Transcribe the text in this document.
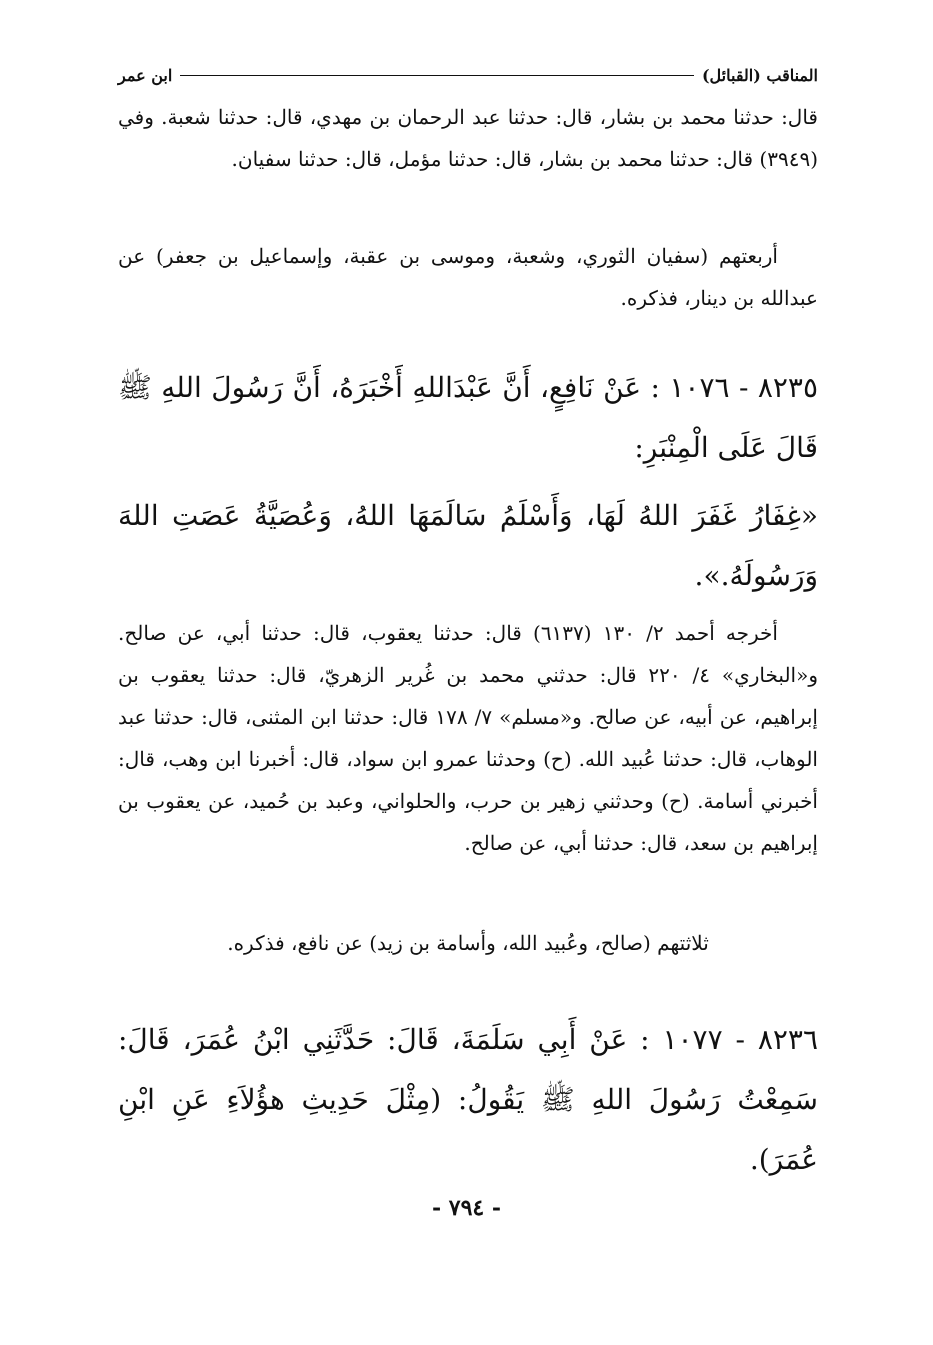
المناقب (القبائل)
ابن عمر
قال: حدثنا محمد بن بشار، قال: حدثنا عبد الرحمان بن مهدي، قال: حدثنا شعبة. وفي (٣٩٤٩) قال: حدثنا محمد بن بشار، قال: حدثنا مؤمل، قال: حدثنا سفيان.
أربعتهم (سفيان الثوري، وشعبة، وموسى بن عقبة، وإسماعيل بن جعفر) عن عبدالله بن دينار، فذكره.
٨٢٣٥ - ١٠٧٦ : عَنْ نَافِعٍ، أَنَّ عَبْدَاللهِ أَخْبَرَهُ، أَنَّ رَسُولَ اللهِ ﷺ قَالَ عَلَى الْمِنْبَرِ:
«غِفَارُ غَفَرَ اللهُ لَهَا، وَأَسْلَمُ سَالَمَهَا اللهُ، وَعُصَيَّةُ عَصَتِ اللهَ وَرَسُولَهُ.».
أخرجه أحمد ٢/ ١٣٠ (٦١٣٧) قال: حدثنا يعقوب، قال: حدثنا أبي، عن صالح. و«البخاري» ٤/ ٢٢٠ قال: حدثني محمد بن غُرير الزهريّ، قال: حدثنا يعقوب بن إبراهيم، عن أبيه، عن صالح. و«مسلم» ٧/ ١٧٨ قال: حدثنا ابن المثنى، قال: حدثنا عبد الوهاب، قال: حدثنا عُبيد الله. (ح) وحدثنا عمرو ابن سواد، قال: أخبرنا ابن وهب، قال: أخبرني أسامة. (ح) وحدثني زهير بن حرب، والحلواني، وعبد بن حُميد، عن يعقوب بن إبراهيم بن سعد، قال: حدثنا أبي، عن صالح.
ثلاثتهم (صالح، وعُبيد الله، وأسامة بن زيد) عن نافع، فذكره.
٨٢٣٦ - ١٠٧٧ : عَنْ أَبِي سَلَمَةَ، قَالَ: حَدَّثَنِي ابْنُ عُمَرَ، قَالَ: سَمِعْتُ رَسُولَ اللهِ ﷺ يَقُولُ: (مِثْلَ حَدِيثِ هؤُلاَءِ عَنِ ابْنِ عُمَرَ).
- ٧٩٤ -
